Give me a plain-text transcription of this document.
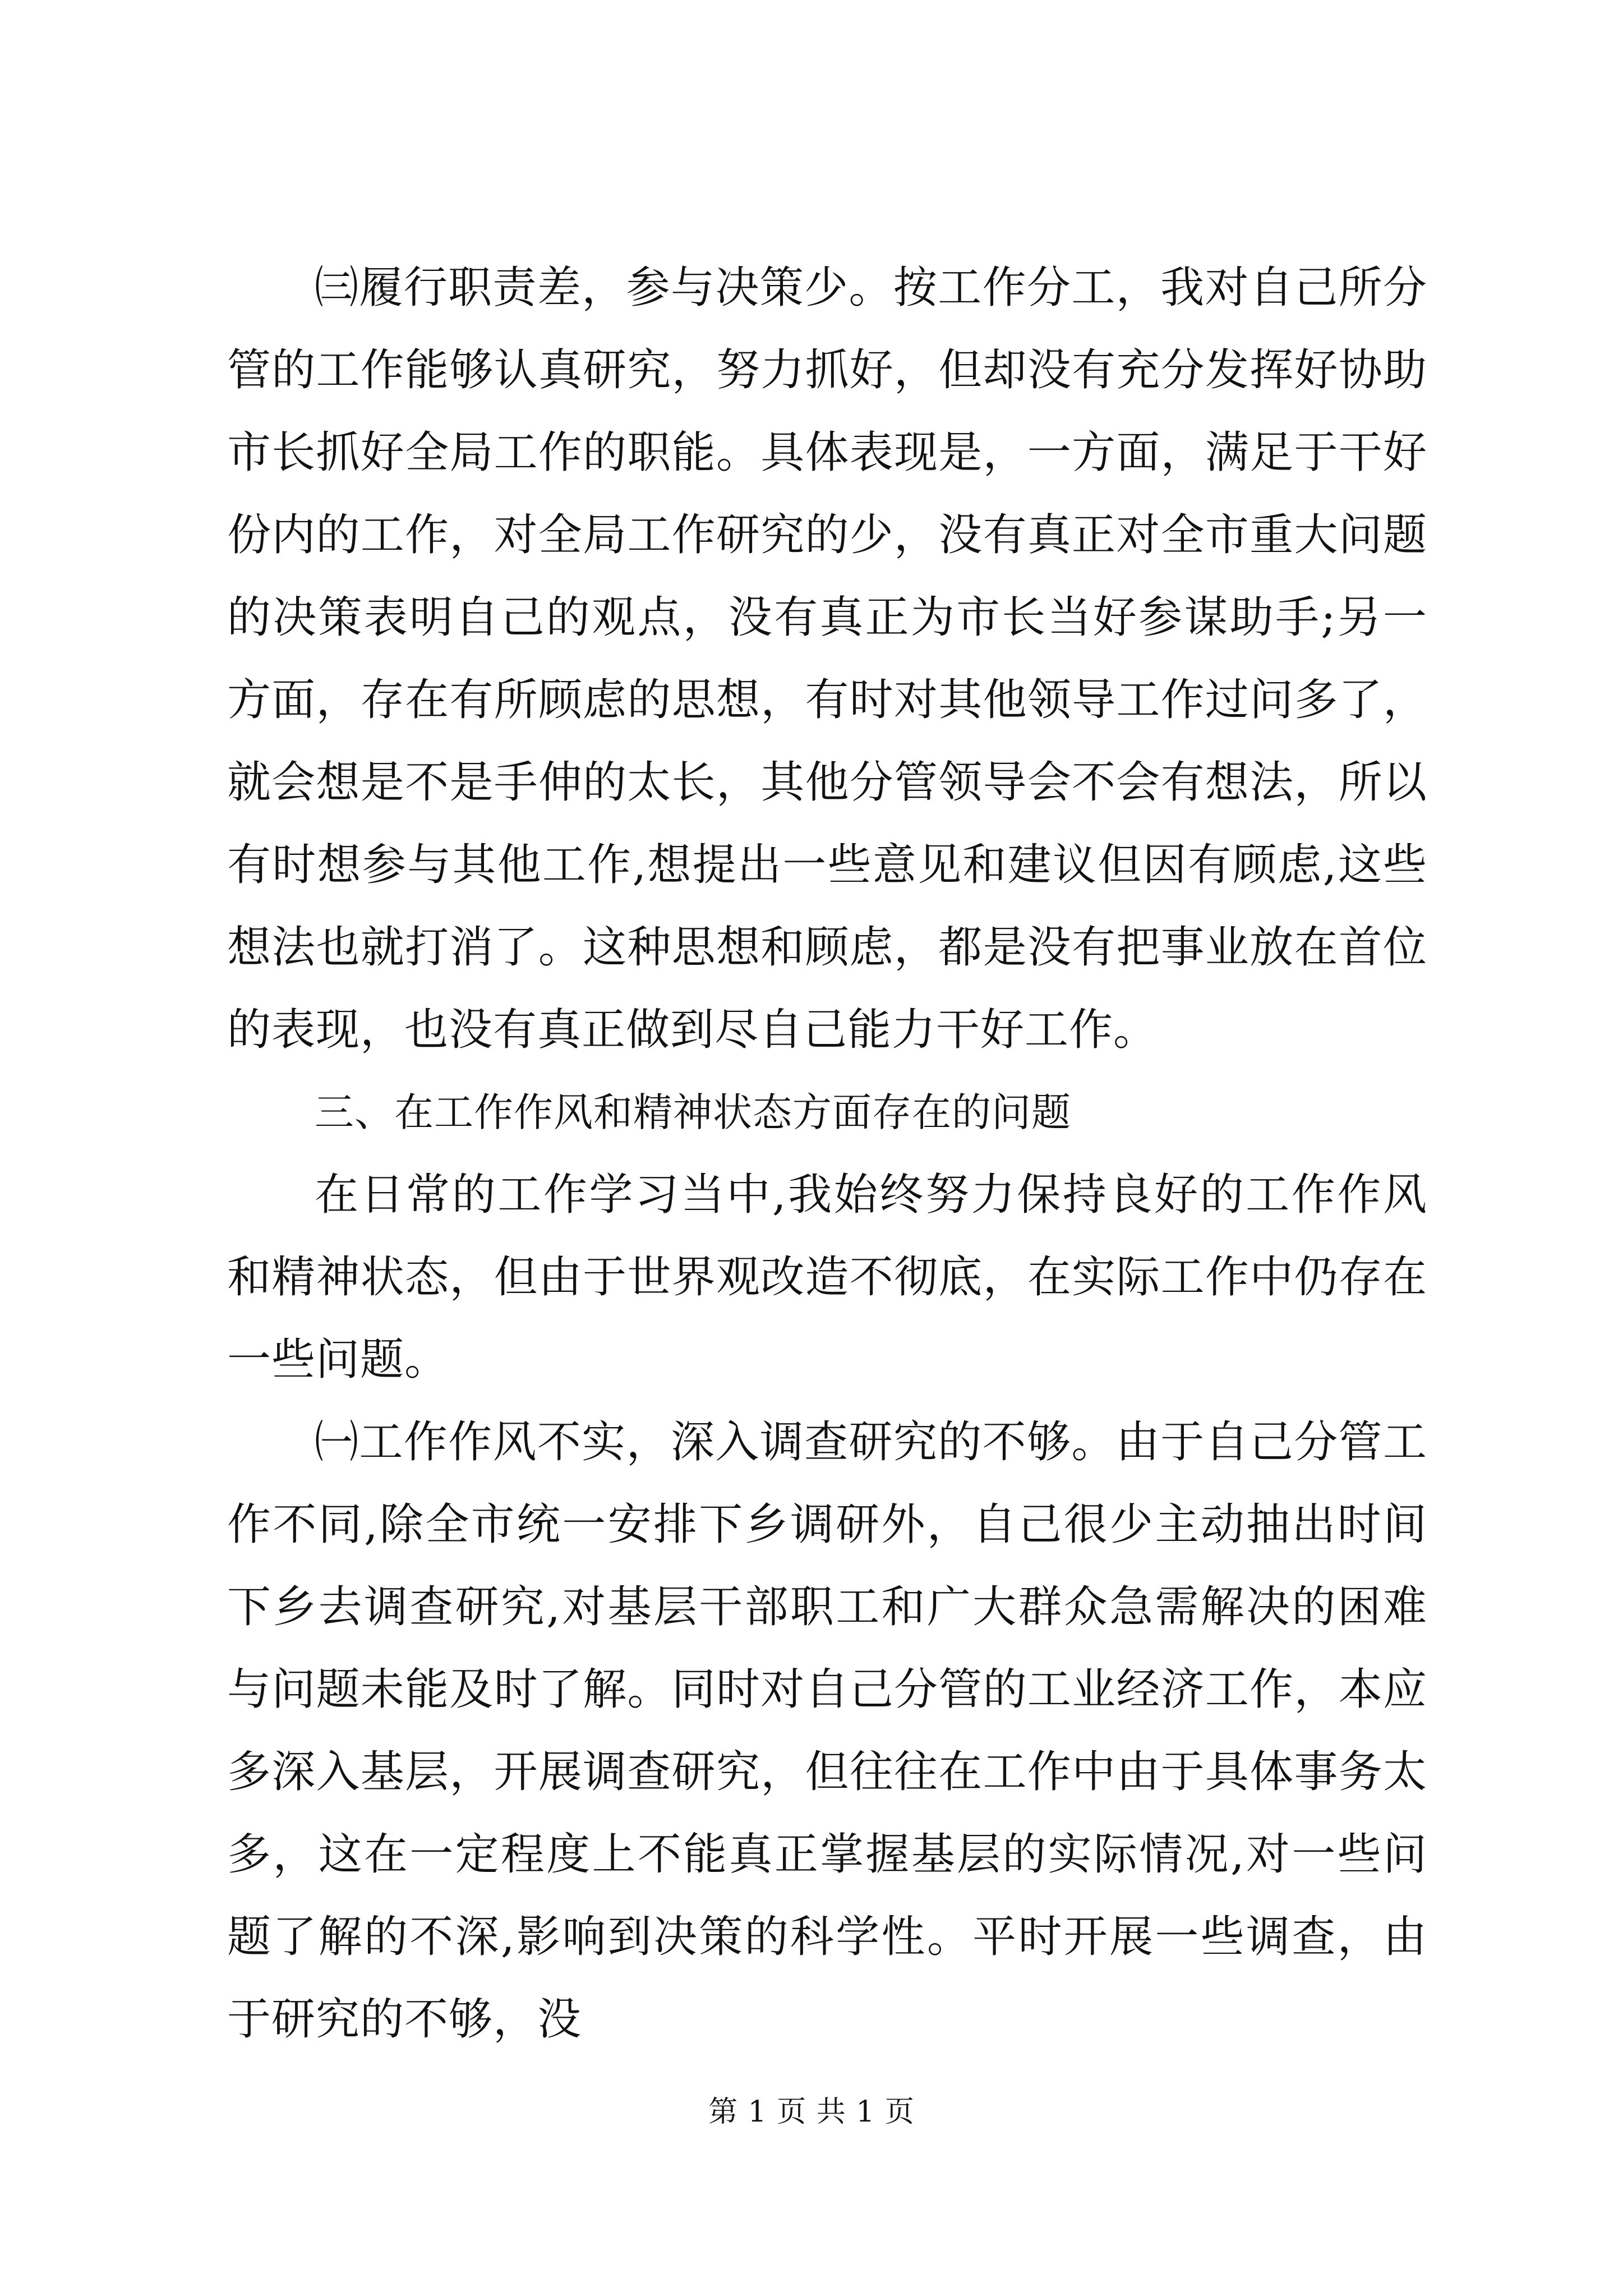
㈢履行职责差，参与决策少。按工作分工，我对自己所分管的工作能够认真研究，努力抓好，但却没有充分发挥好协助市长抓好全局工作的职能。具体表现是，一方面，满足于干好份内的工作，对全局工作研究的少，没有真正对全市重大问题的决策表明自己的观点，没有真正为市长当好参谋助手;另一方面，存在有所顾虑的思想，有时对其他领导工作过问多了，就会想是不是手伸的太长，其他分管领导会不会有想法，所以有时想参与其他工作,想提出一些意见和建议但因有顾虑,这些想法也就打消了。这种思想和顾虑，都是没有把事业放在首位的表现，也没有真正做到尽自己能力干好工作。

三、在工作作风和精神状态方面存在的问题

在日常的工作学习当中,我始终努力保持良好的工作作风和精神状态，但由于世界观改造不彻底，在实际工作中仍存在一些问题。

㈠工作作风不实，深入调查研究的不够。由于自己分管工作不同,除全市统一安排下乡调研外，自己很少主动抽出时间下乡去调查研究,对基层干部职工和广大群众急需解决的困难与问题未能及时了解。同时对自己分管的工业经济工作，本应多深入基层，开展调查研究，但往往在工作中由于具体事务太多，这在一定程度上不能真正掌握基层的实际情况,对一些问题了解的不深,影响到决策的科学性。平时开展一些调查，由于研究的不够，没

第 1 页 共 1 页
